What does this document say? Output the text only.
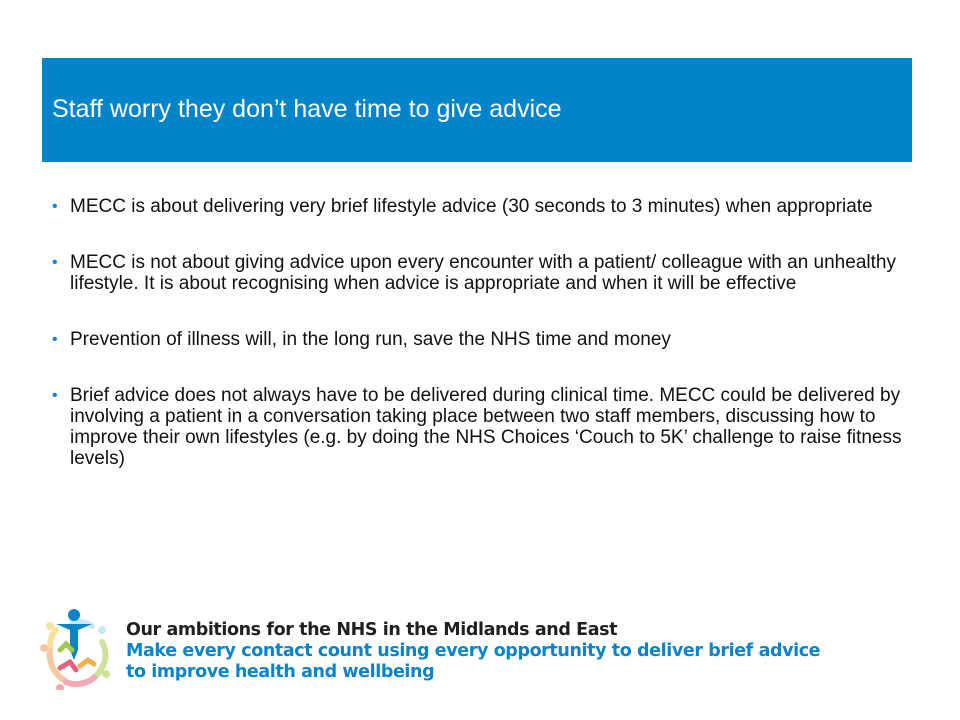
Staff worry they don’t have time to give advice
• MECC is about delivering very brief lifestyle advice (30 seconds to 3 minutes) when appropriate
• MECC is not about giving advice upon every encounter with a patient/ colleague with an unhealthy lifestyle. It is about recognising when advice is appropriate and when it will be effective
• Prevention of illness will, in the long run, save the NHS time and money
• Brief advice does not always have to be delivered during clinical time. MECC could be delivered by involving a patient in a conversation taking place between two staff members, discussing how to improve their own lifestyles (e.g. by doing the NHS Choices ‘Couch to 5K’ challenge to raise fitness levels)
Our ambitions for the NHS in the Midlands and East
Make every contact count using every opportunity to deliver brief advice
to improve health and wellbeing
